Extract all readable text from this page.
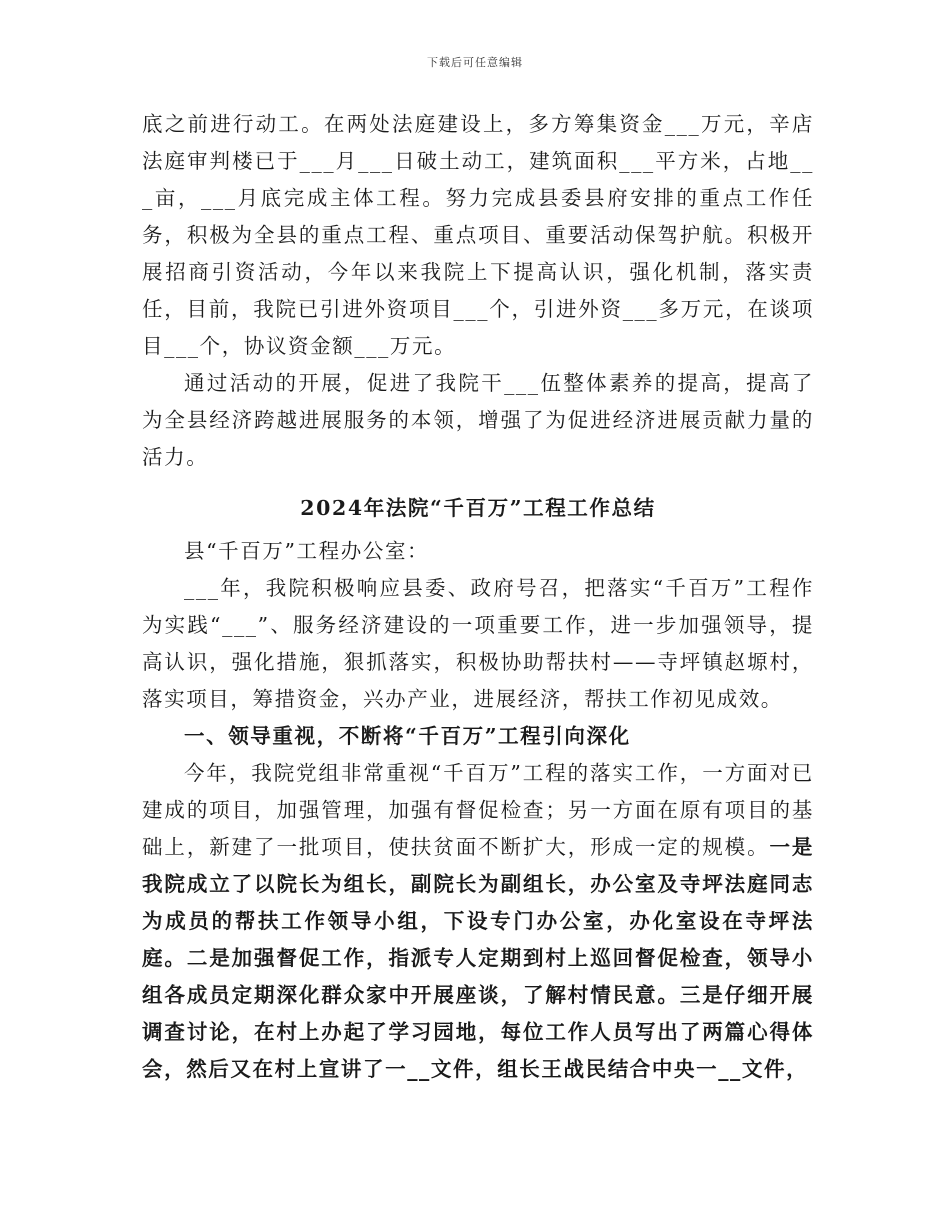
下载后可任意编辑

底之前进行动工。在两处法庭建设上，多方筹集资金___万元，辛店法庭审判楼已于___月___日破土动工，建筑面积___平方米，占地___亩，___月底完成主体工程。努力完成县委县府安排的重点工作任务，积极为全县的重点工程、重点项目、重要活动保驾护航。积极开展招商引资活动，今年以来我院上下提高认识，强化机制，落实责任，目前，我院已引进外资项目___个，引进外资___多万元，在谈项目___个，协议资金额___万元。

通过活动的开展，促进了我院干___伍整体素养的提高，提高了为全县经济跨越进展服务的本领，增强了为促进经济进展贡献力量的活力。

2024年法院“千百万”工程工作总结

县“千百万”工程办公室：

___年，我院积极响应县委、政府号召，把落实“千百万”工程作为实践“___”、服务经济建设的一项重要工作，进一步加强领导，提高认识，强化措施，狠抓落实，积极协助帮扶村——寺坪镇赵塬村，落实项目，筹措资金，兴办产业，进展经济，帮扶工作初见成效。

一、领导重视，不断将“千百万”工程引向深化

今年，我院党组非常重视“千百万”工程的落实工作，一方面对已建成的项目，加强管理，加强有督促检查；另一方面在原有项目的基础上，新建了一批项目，使扶贫面不断扩大，形成一定的规模。一是我院成立了以院长为组长，副院长为副组长，办公室及寺坪法庭同志为成员的帮扶工作领导小组，下设专门办公室，办化室设在寺坪法庭。二是加强督促工作，指派专人定期到村上巡回督促检查，领导小组各成员定期深化群众家中开展座谈，了解村情民意。三是仔细开展调查讨论，在村上办起了学习园地，每位工作人员写出了两篇心得体会，然后又在村上宣讲了一__文件，组长王战民结合中央一__文件，
